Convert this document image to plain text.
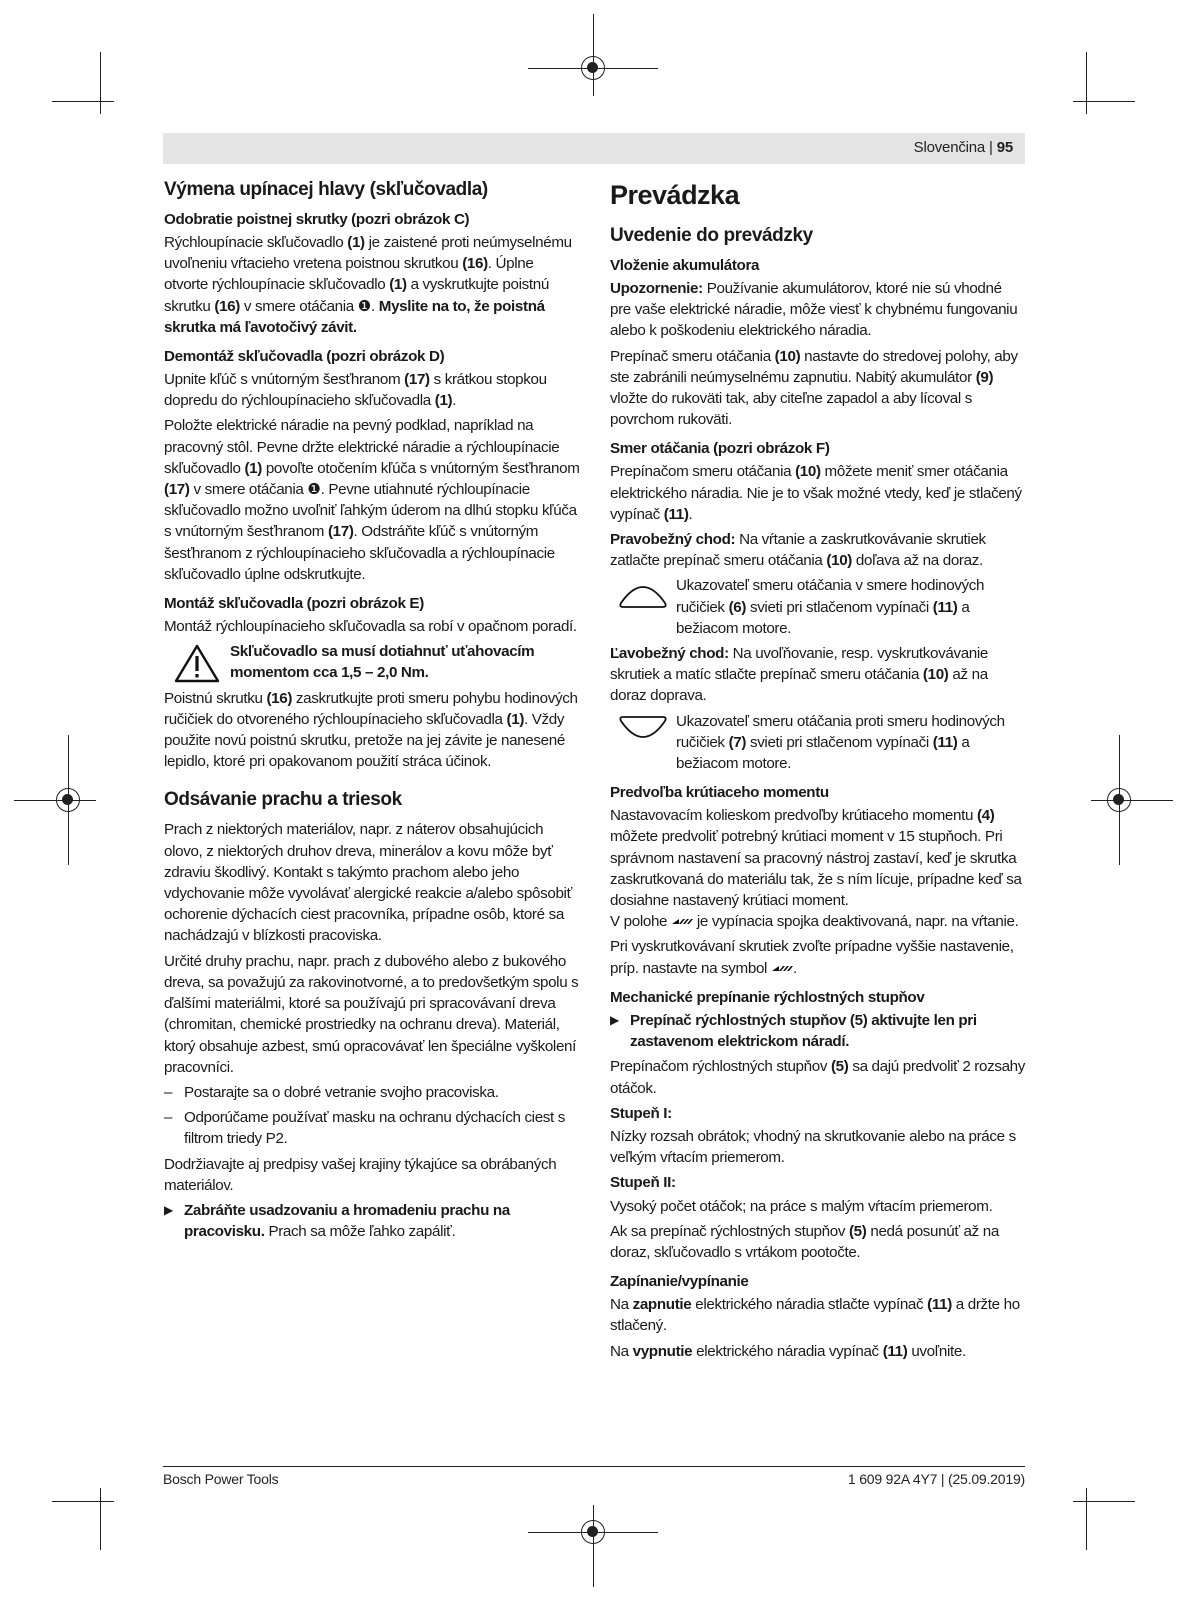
Slovenčina | 95
Výmena upínacej hlavy (skľučovadla)
Odobratie poistnej skrutky (pozri obrázok C)

Rýchloupínacie skľučovadlo (1) je zaistené proti neúmyselnému uvoľneniu vŕtacieho vretena poistnou skrutkou (16). Úplne otvorte rýchloupínacie skľučovadlo (1) a vyskrutkujte poistnú skrutku (16) v smere otáčania ❶. Myslite na to, že poistná skrutka má ľavotočivý závit.

Demontáž skľučovadla (pozri obrázok D)

Upnite kľúč s vnútorným šesťhranom (17) s krátkou stopkou dopredu do rýchloupínacieho skľučovadla (1).

Položte elektrické náradie na pevný podklad, napríklad na pracovný stôl. Pevne držte elektrické náradie a rýchloupínacie skľučovadlo (1) povoľte otočením kľúča s vnútorným šesťhranom (17) v smere otáčania ❶. Pevne utiahnuté rýchloupínacie skľučovadlo možno uvoľniť ľahkým úderom na dlhú stopku kľúča s vnútorným šesťhranom (17). Odstráňte kľúč s vnútorným šesťhranom z rýchloupínacieho skľučovadla a rýchloupínacie skľučovadlo úplne odskrutkujte.

Montáž skľučovadla (pozri obrázok E)

Montáž rýchloupínacieho skľučovadla sa robí v opačnom poradí.

Skľučovadlo sa musí dotiahnuť uťahovacím momentom cca 1,5 – 2,0 Nm.

Poistnú skrutku (16) zaskrutkujte proti smeru pohybu hodinových ručičiek do otvoreného rýchloupínacieho skľučovadla (1). Vždy použite novú poistnú skrutku, pretože na jej závite je nanesené lepidlo, ktoré pri opakovanom použití stráca účinok.

Odsávanie prachu a triesok

Prach z niektorých materiálov, napr. z náterov obsahujúcich olovo, z niektorých druhov dreva, minerálov a kovu môže byť zdraviu škodlivý. Kontakt s takýmto prachom alebo jeho vdychovanie môže vyvolávať alergické reakcie a/alebo spôsobiť ochorenie dýchacích ciest pracovníka, prípadne osôb, ktoré sa nachádzajú v blízkosti pracoviska.

Určité druhy prachu, napr. prach z dubového alebo z bukového dreva, sa považujú za rakovinotvorné, a to predovšetkým spolu s ďalšími materiálmi, ktoré sa používajú pri spracovávaní dreva (chromitan, chemické prostriedky na ochranu dreva). Materiál, ktorý obsahuje azbest, smú opracovávať len špeciálne vyškolení pracovníci.

– Postarajte sa o dobré vetranie svojho pracoviska.
– Odporúčame používať masku na ochranu dýchacích ciest s filtrom triedy P2.

Dodržiavajte aj predpisy vašej krajiny týkajúce sa obrábaných materiálov.

▶ Zabráňte usadzovaniu a hromadeniu prachu na pracovisku. Prach sa môže ľahko zapáliť.
Prevádzka
Uvedenie do prevádzky
Vloženie akumulátora

Upozornenie: Používanie akumulátorov, ktoré nie sú vhodné pre vaše elektrické náradie, môže viesť k chybnému fungovaniu alebo k poškodeniu elektrického náradia.

Prepínač smeru otáčania (10) nastavte do stredovej polohy, aby ste zabránili neúmyselnému zapnutiu. Nabitý akumulátor (9) vložte do rukoväti tak, aby citeľne zapadol a aby lícoval s povrchom rukoväti.

Smer otáčania (pozri obrázok F)

Prepínačom smeru otáčania (10) môžete meniť smer otáčania elektrického náradia. Nie je to však možné vtedy, keď je stlačený vypínač (11).

Pravobežný chod: Na vŕtanie a zaskrutkovávanie skrutiek zatlačte prepínač smeru otáčania (10) doľava až na doraz.

Ukazovateľ smeru otáčania v smere hodinových ručičiek (6) svieti pri stlačenom vypínači (11) a bežiacom motore.

Ľavobežný chod: Na uvoľňovanie, resp. vyskrutkovávanie skrutiek a matíc stlačte prepínač smeru otáčania (10) až na doraz doprava.

Ukazovateľ smeru otáčania proti smeru hodinových ručičiek (7) svieti pri stlačenom vypínači (11) a bežiacom motore.
Predvoľba krútiaceho momentu

Nastavovacím kolieskom predvoľby krútiaceho momentu (4) môžete predvoliť potrebný krútiaci moment v 15 stupňoch. Pri správnom nastavení sa pracovný nástroj zastaví, keď je skrutka zaskrutkovaná do materiálu tak, že s ním lícuje, prípadne keď sa dosiahne nastavený krútiaci moment.
V polohe  je vypínacia spojka deaktivovaná, napr. na vŕtanie.

Pri vyskrutkovávaní skrutiek zvoľte prípadne vyššie nastavenie, príp. nastavte na symbol .

Mechanické prepínanie rýchlostných stupňov
▶ Prepínač rýchlostných stupňov (5) aktivujte len pri zastavenom elektrickom náradí.

Prepínačom rýchlostných stupňov (5) sa dajú predvoliť 2 rozsahy otáčok.

Stupeň I:

Nízky rozsah obrátok; vhodný na skrutkovanie alebo na práce s veľkým vŕtacím priemerom.

Stupeň II:

Vysoký počet otáčok; na práce s malým vŕtacím priemerom.

Ak sa prepínač rýchlostných stupňov (5) nedá posunúť až na doraz, skľučovadlo s vrtákom pootočte.

Zapínanie/vypínanie

Na zapnutie elektrického náradia stlačte vypínač (11) a držte ho stlačený.

Na vypnutie elektrického náradia vypínač (11) uvoľnite.

Bosch Power Tools	1 609 92A 4Y7 | (25.09.2019)
